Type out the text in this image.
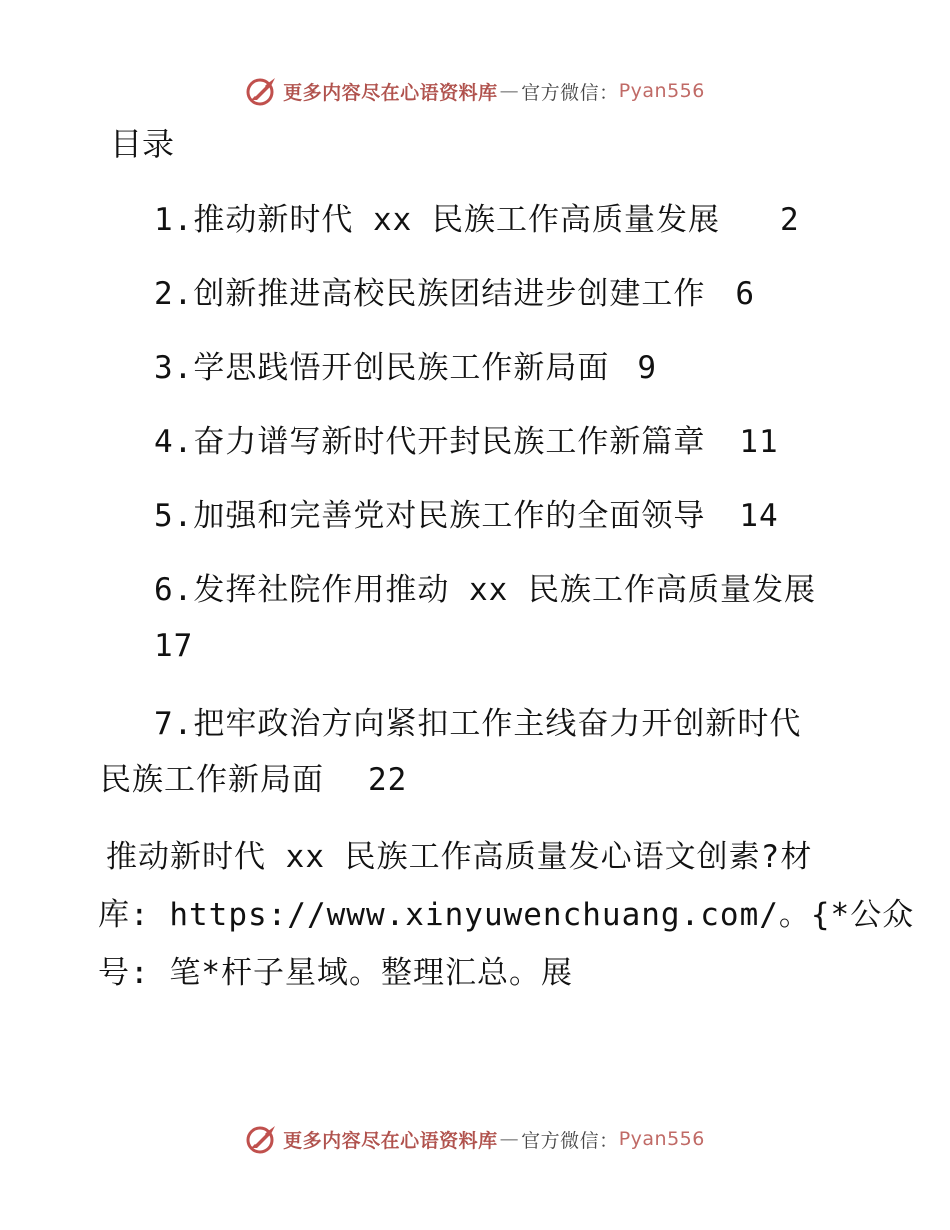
更多内容尽在心语资料库 — 官方微信： Pyan556
目录
1.推动新时代 xx 民族工作高质量发展 2
2.创新推进高校民族团结进步创建工作 6
3.学思践悟开创民族工作新局面 9
4.奋力谱写新时代开封民族工作新篇章 11
5.加强和完善党对民族工作的全面领导 14
6.发挥社院作用推动 xx 民族工作高质量发展
17
7.把牢政治方向紧扣工作主线奋力开创新时代
民族工作新局面 22
推动新时代 xx 民族工作高质量发心语文创素?材
库: https://www.xinyuwenchuang.com/。{*公众
号: 笔*杆子星域。整理汇总。展
更多内容尽在心语资料库 — 官方微信： Pyan556
